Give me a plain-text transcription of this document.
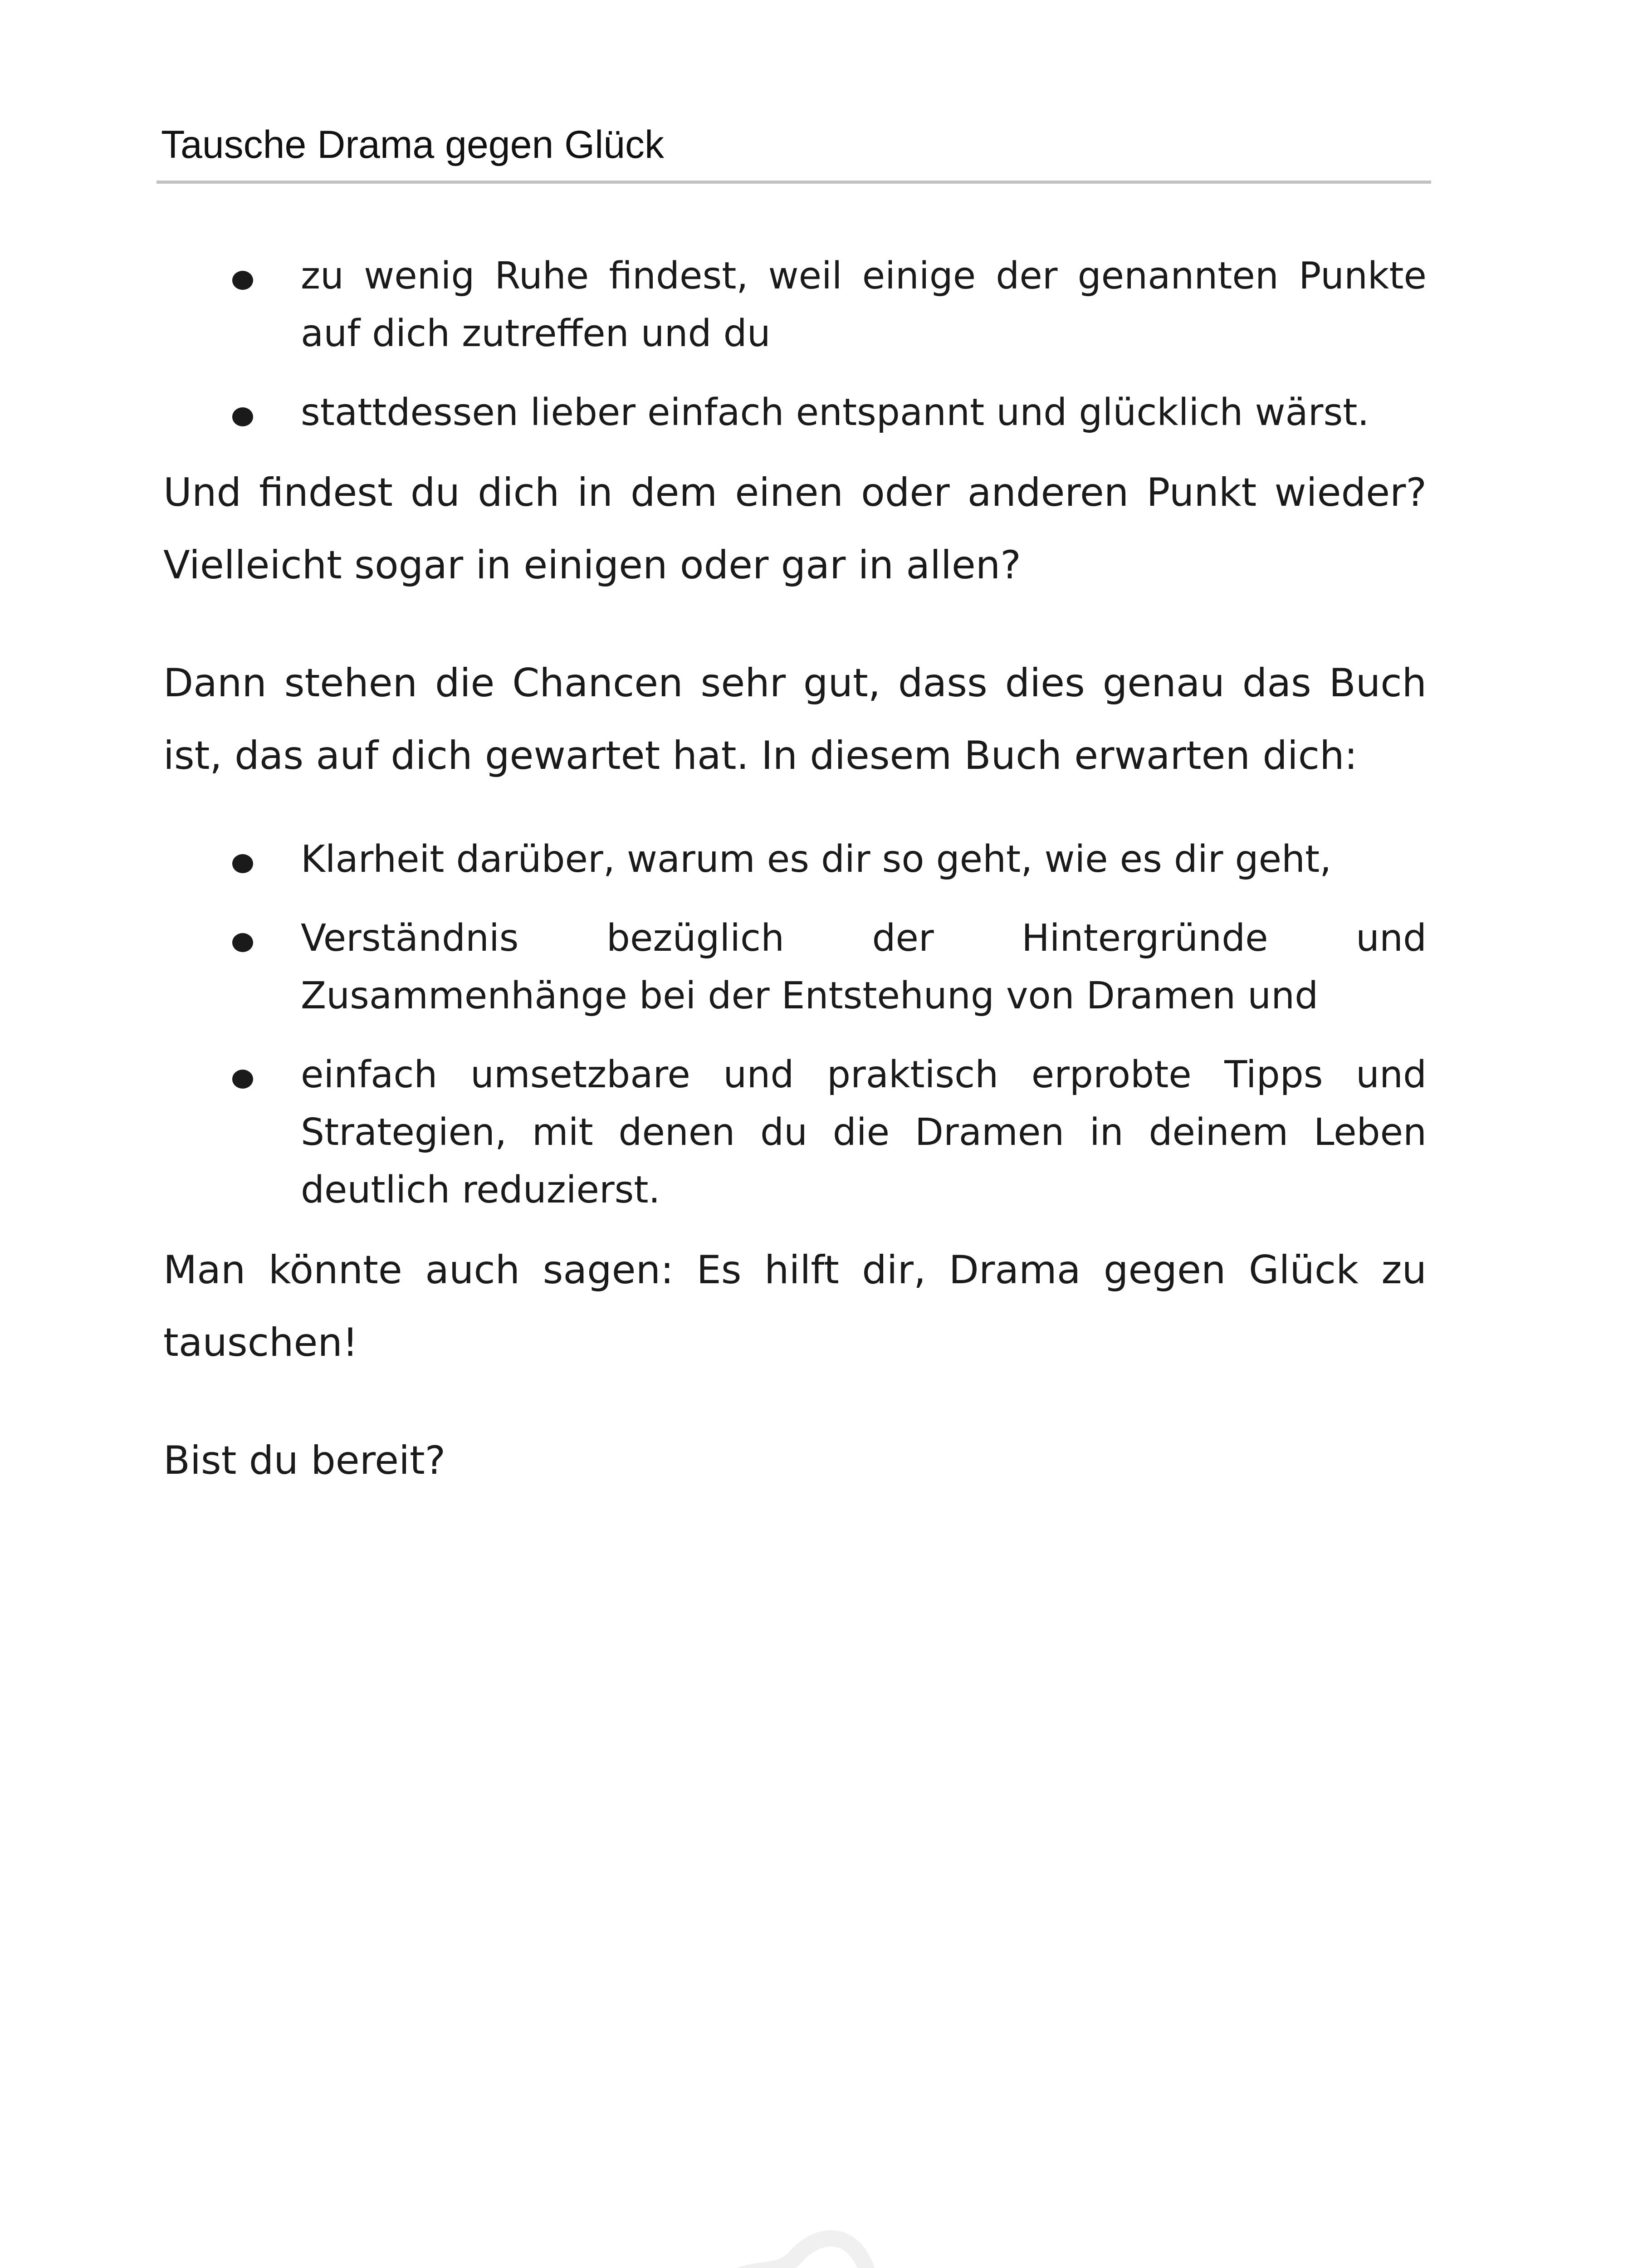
Tausche Drama gegen Glück
zu wenig Ruhe findest, weil einige der genannten Punkte auf dich zutreffen und du
stattdessen lieber einfach entspannt und glücklich wärst.

Und findest du dich in dem einen oder anderen Punkt wieder? Vielleicht sogar in einigen oder gar in allen?

Dann stehen die Chancen sehr gut, dass dies genau das Buch ist, das auf dich gewartet hat. In diesem Buch erwarten dich:

Klarheit darüber, warum es dir so geht, wie es dir geht,
Verständnis bezüglich der Hintergründe und Zusammenhänge bei der Entstehung von Dramen und
einfach umsetzbare und praktisch erprobte Tipps und Strategien, mit denen du die Dramen in deinem Leben deutlich reduzierst.

Man könnte auch sagen: Es hilft dir, Drama gegen Glück zu tauschen!

Bist du bereit?
